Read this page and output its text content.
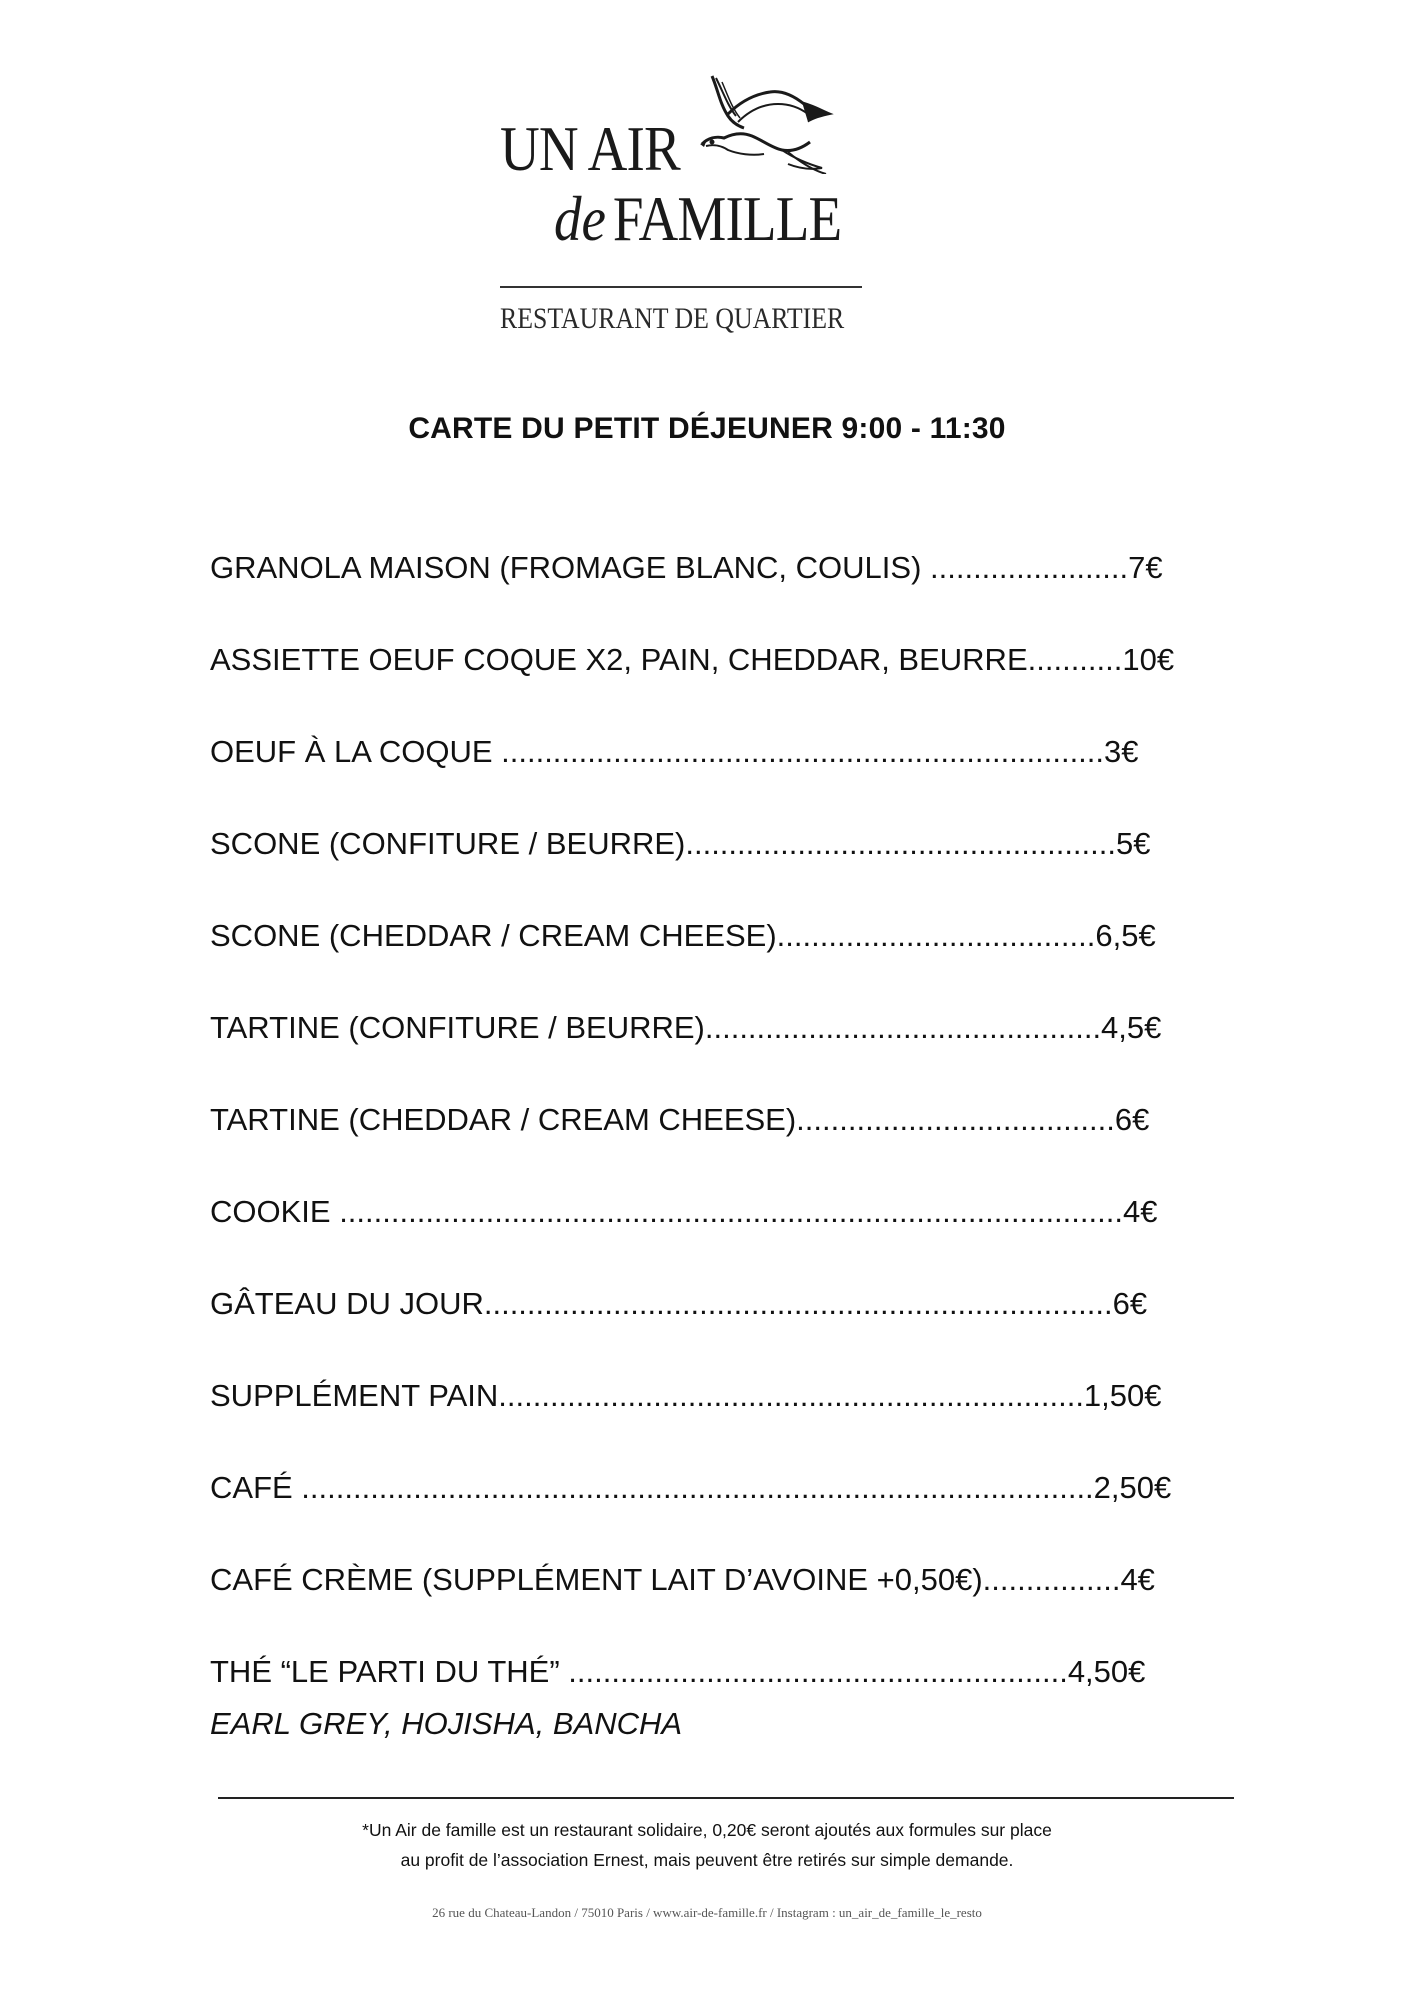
UN AIR
de FAMILLE
RESTAURANT DE QUARTIER
CARTE DU PETIT DÉJEUNER 9:00 - 11:30
GRANOLA MAISON (FROMAGE BLANC, COULIS) .......................7€
ASSIETTE OEUF COQUE X2, PAIN, CHEDDAR, BEURRE...........10€
OEUF À LA COQUE ......................................................................3€
SCONE (CONFITURE / BEURRE)..................................................5€
SCONE (CHEDDAR / CREAM CHEESE).....................................6,5€
TARTINE (CONFITURE / BEURRE)..............................................4,5€
TARTINE (CHEDDAR / CREAM CHEESE).....................................6€
COOKIE ...........................................................................................4€
GÂTEAU DU JOUR.........................................................................6€
SUPPLÉMENT PAIN....................................................................1,50€
CAFÉ ............................................................................................2,50€
CAFÉ CRÈME (SUPPLÉMENT LAIT D’AVOINE +0,50€)................4€
THÉ “LE PARTI DU THÉ” ..........................................................4,50€
EARL GREY, HOJISHA, BANCHA
*Un Air de famille est un restaurant solidaire, 0,20€ seront ajoutés aux formules sur place
au profit de l’association Ernest, mais peuvent être retirés sur simple demande.
26 rue du Chateau-Landon / 75010 Paris / www.air-de-famille.fr / Instagram : un_air_de_famille_le_resto
